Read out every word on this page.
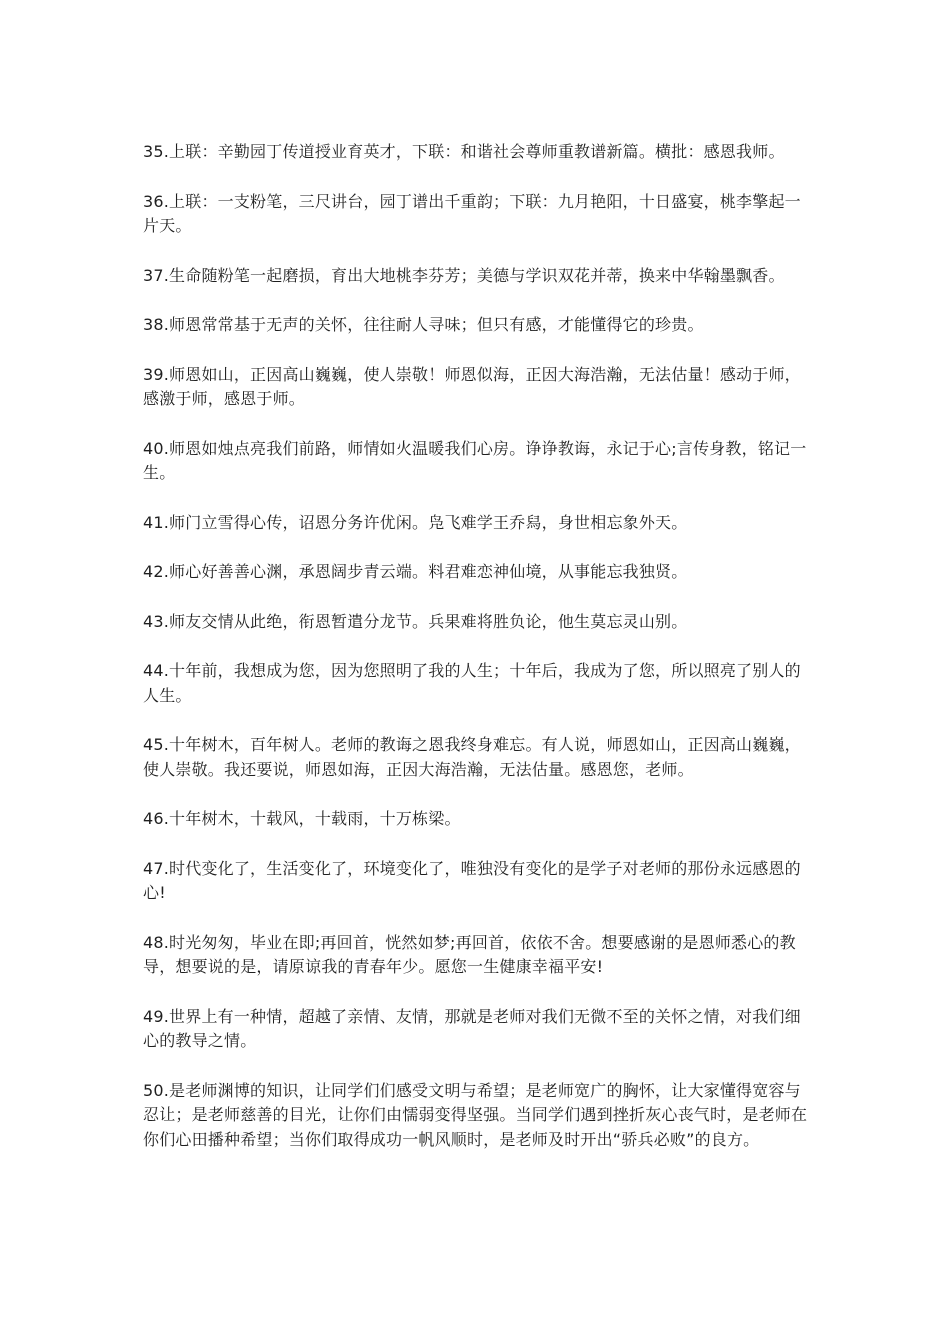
35.上联：辛勤园丁传道授业育英才，下联：和谐社会尊师重教谱新篇。横批：感恩我师。

36.上联：一支粉笔，三尺讲台，园丁谱出千重韵；下联：九月艳阳，十日盛宴，桃李擎起一片天。

37.生命随粉笔一起磨损，育出大地桃李芬芳；美德与学识双花并蒂，换来中华翰墨飘香。

38.师恩常常基于无声的关怀，往往耐人寻味；但只有感，才能懂得它的珍贵。

39.师恩如山，正因高山巍巍，使人崇敬！师恩似海，正因大海浩瀚，无法估量！感动于师，感激于师，感恩于师。

40.师恩如烛点亮我们前路，师情如火温暖我们心房。诤诤教诲，永记于心;言传身教，铭记一生。

41.师门立雪得心传，诏恩分务许优闲。凫飞难学王乔舄，身世相忘象外天。

42.师心好善善心渊，承恩阔步青云端。料君难恋神仙境，从事能忘我独贤。

43.师友交情从此绝，衔恩暂遣分龙节。兵果难将胜负论，他生莫忘灵山别。

44.十年前，我想成为您，因为您照明了我的人生；十年后，我成为了您，所以照亮了别人的人生。

45.十年树木，百年树人。老师的教诲之恩我终身难忘。有人说，师恩如山，正因高山巍巍，使人崇敬。我还要说，师恩如海，正因大海浩瀚，无法估量。感恩您，老师。

46.十年树木，十载风，十载雨，十万栋梁。

47.时代变化了，生活变化了，环境变化了，唯独没有变化的是学子对老师的那份永远感恩的心!

48.时光匆匆，毕业在即;再回首，恍然如梦;再回首，依依不舍。想要感谢的是恩师悉心的教导，想要说的是，请原谅我的青春年少。愿您一生健康幸福平安!

49.世界上有一种情，超越了亲情、友情，那就是老师对我们无微不至的关怀之情，对我们细心的教导之情。

50.是老师渊博的知识，让同学们们感受文明与希望；是老师宽广的胸怀，让大家懂得宽容与忍让；是老师慈善的目光，让你们由懦弱变得坚强。当同学们遇到挫折灰心丧气时，是老师在你们心田播种希望；当你们取得成功一帆风顺时，是老师及时开出“骄兵必败”的良方。
